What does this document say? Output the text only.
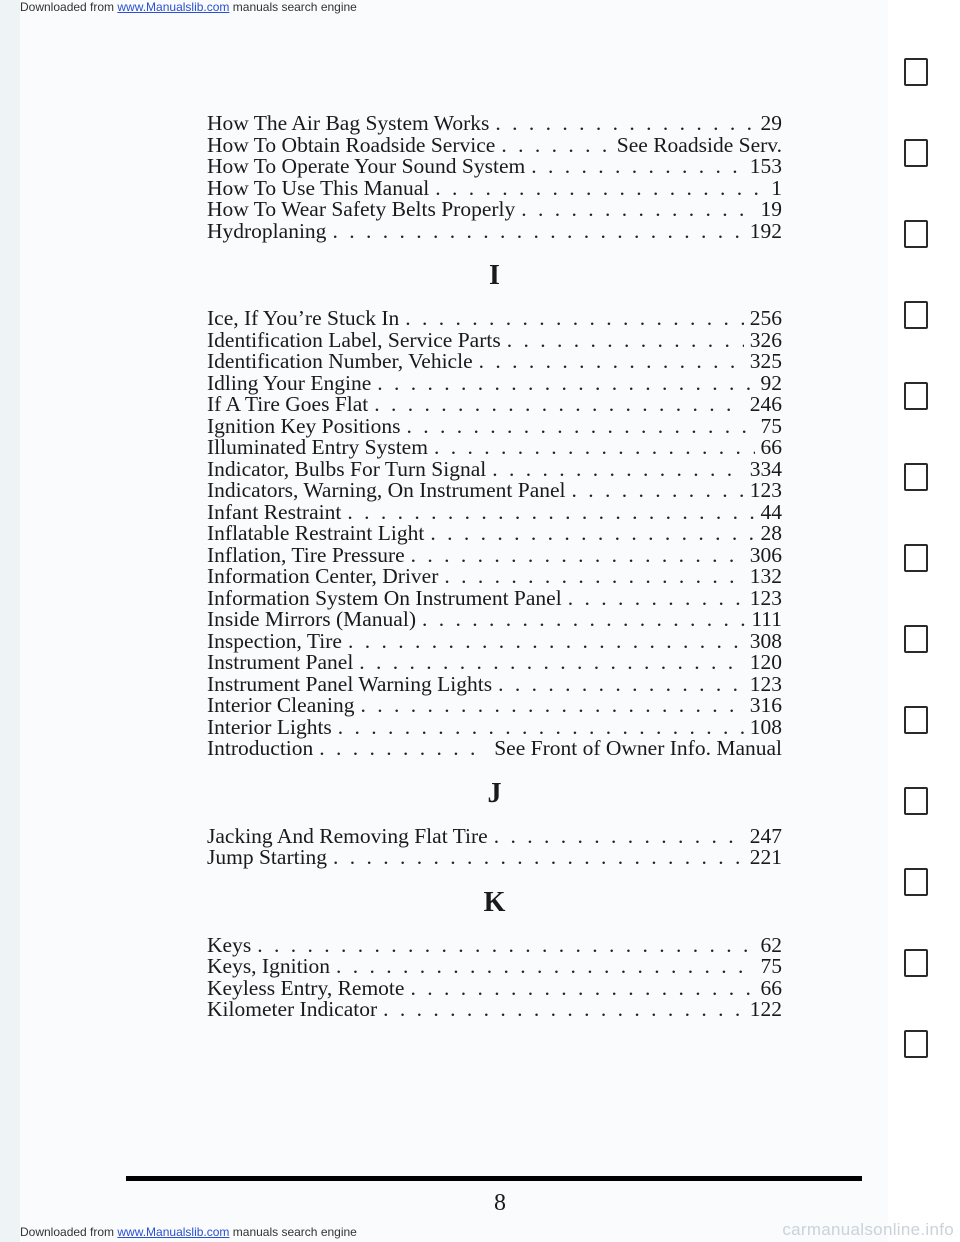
Downloaded from www.Manualslib.com manuals search engine
How The Air Bag System Works . . .	29
How To Obtain Roadside Service . . .	See Roadside Serv.
How To Operate Your Sound System . . .	153
How To Use This Manual . . .	1
How To Wear Safety Belts Properly . . .	19
Hydroplaning . . .	192
I
Ice, If You’re Stuck In . . .	256
Identification Label, Service Parts . . .	326
Identification Number, Vehicle . . .	325
Idling Your Engine . . .	92
If A Tire Goes Flat . . .	246
Ignition Key Positions . . .	75
Illuminated Entry System . . .	66
Indicator, Bulbs For Turn Signal . . .	334
Indicators, Warning, On Instrument Panel . . .	123
Infant Restraint . . .	44
Inflatable Restraint Light . . .	28
Inflation, Tire Pressure . . .	306
Information Center, Driver . . .	132
Information System On Instrument Panel . . .	123
Inside Mirrors (Manual) . . .	111
Inspection, Tire . . .	308
Instrument Panel . . .	120
Instrument Panel Warning Lights . . .	123
Interior Cleaning . . .	316
Interior Lights . . .	108
Introduction . . .	See Front of Owner Info. Manual
J
Jacking And Removing Flat Tire . . .	247
Jump Starting . . .	221
K
Keys . . .	62
Keys, Ignition . . .	75
Keyless Entry, Remote . . .	66
Kilometer Indicator . . .	122
Downloaded from www.Manualslib.com manuals search engine
8
carmanualsonline.info
